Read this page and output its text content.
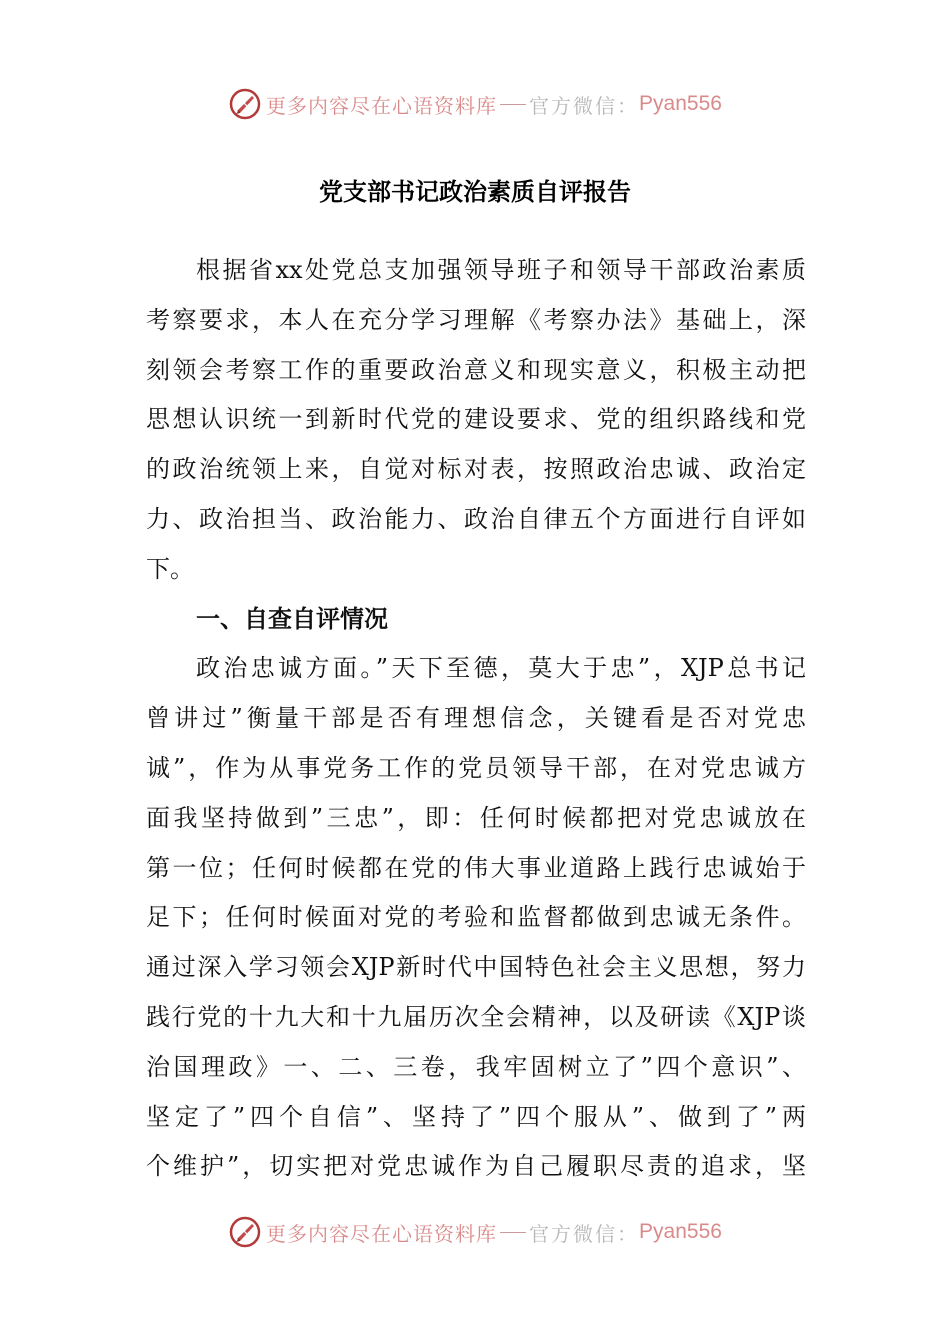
更多内容尽在心语资料库 官方微信： Pyan556
党支部书记政治素质自评报告
根据省xx处党总支加强领导班子和领导干部政治素质
考察要求，本人在充分学习理解《考察办法》基础上，深
刻领会考察工作的重要政治意义和现实意义，积极主动把
思想认识统一到新时代党的建设要求、党的组织路线和党
的政治统领上来，自觉对标对表，按照政治忠诚、政治定
力、政治担当、政治能力、政治自律五个方面进行自评如
下。
一、自查自评情况
政治忠诚方面。”天下至德，莫大于忠”，XJP总书记
曾讲过”衡量干部是否有理想信念，关键看是否对党忠
诚”，作为从事党务工作的党员领导干部，在对党忠诚方
面我坚持做到”三忠”，即：任何时候都把对党忠诚放在
第一位；任何时候都在党的伟大事业道路上践行忠诚始于
足下；任何时候面对党的考验和监督都做到忠诚无条件。
通过深入学习领会XJP新时代中国特色社会主义思想，努力
践行党的十九大和十九届历次全会精神，以及研读《XJP谈
治国理政》一、二、三卷，我牢固树立了”四个意识”、
坚定了”四个自信”、坚持了”四个服从”、做到了”两
个维护”，切实把对党忠诚作为自己履职尽责的追求，坚
更多内容尽在心语资料库 官方微信： Pyan556
